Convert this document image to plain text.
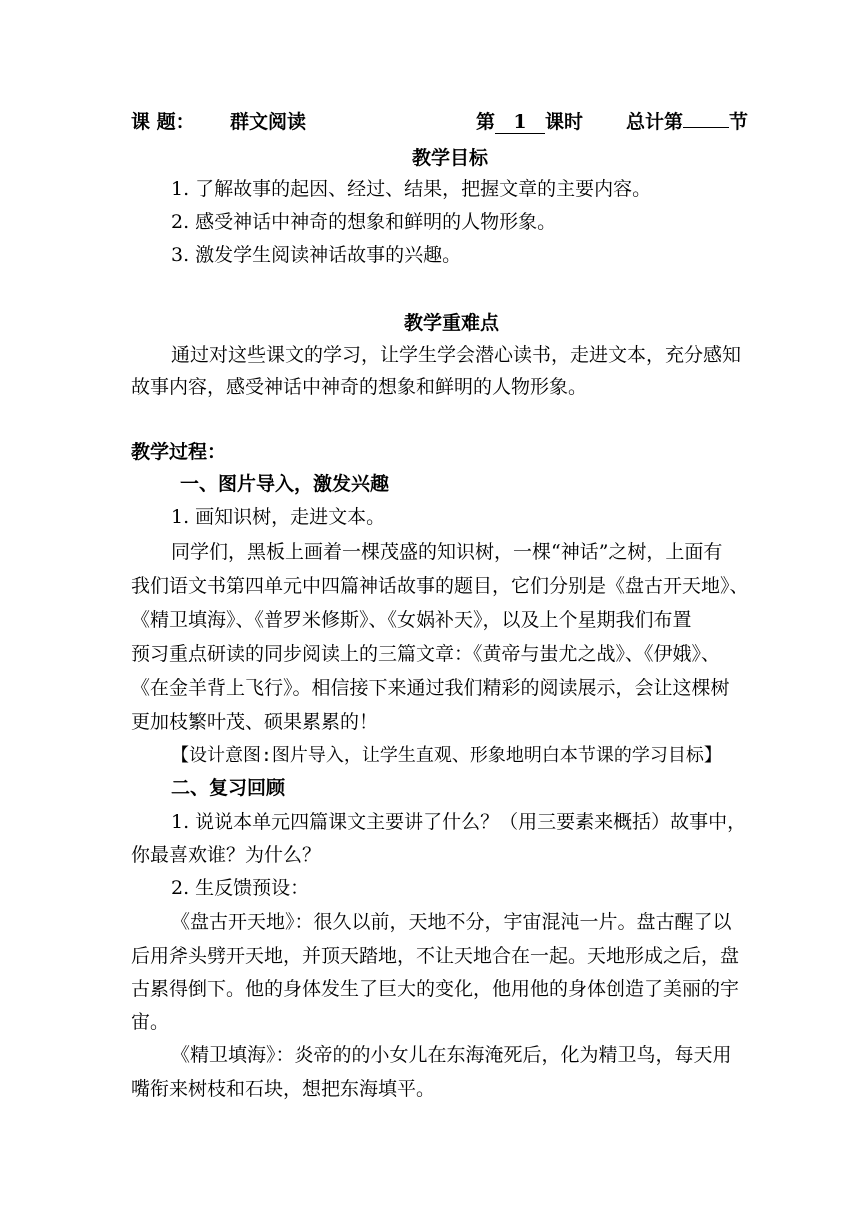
课 题： 群文阅读	第 1 课时 总计第 节
教学目标
1. 了解故事的起因、经过、结果，把握文章的主要内容。
2. 感受神话中神奇的想象和鲜明的人物形象。
3. 激发学生阅读神话故事的兴趣。
教学重难点
通过对这些课文的学习，让学生学会潜心读书，走进文本，充分感知
故事内容，感受神话中神奇的想象和鲜明的人物形象。
教学过程：
一、图片导入，激发兴趣
1. 画知识树，走进文本。
同学们，黑板上画着一棵茂盛的知识树，一棵“神话”之树，上面有
我们语文书第四单元中四篇神话故事的题目，它们分别是《盘古开天地》、
《精卫填海》、《普罗米修斯》、《女娲补天》，以及上个星期我们布置
预习重点研读的同步阅读上的三篇文章：《黄帝与蚩尤之战》、《伊娥》、
《在金羊背上飞行》。相信接下来通过我们精彩的阅读展示，会让这棵树
更加枝繁叶茂、硕果累累的！
【设计意图:图片导入，让学生直观、形象地明白本节课的学习目标】
二、复习回顾
1. 说说本单元四篇课文主要讲了什么？（用三要素来概括）故事中，
你最喜欢谁？为什么？
2. 生反馈预设：
《盘古开天地》：很久以前，天地不分，宇宙混沌一片。盘古醒了以
后用斧头劈开天地，并顶天踏地，不让天地合在一起。天地形成之后，盘
古累得倒下。他的身体发生了巨大的变化，他用他的身体创造了美丽的宇
宙。
《精卫填海》：炎帝的的小女儿在东海淹死后，化为精卫鸟，每天用
嘴衔来树枝和石块，想把东海填平。
